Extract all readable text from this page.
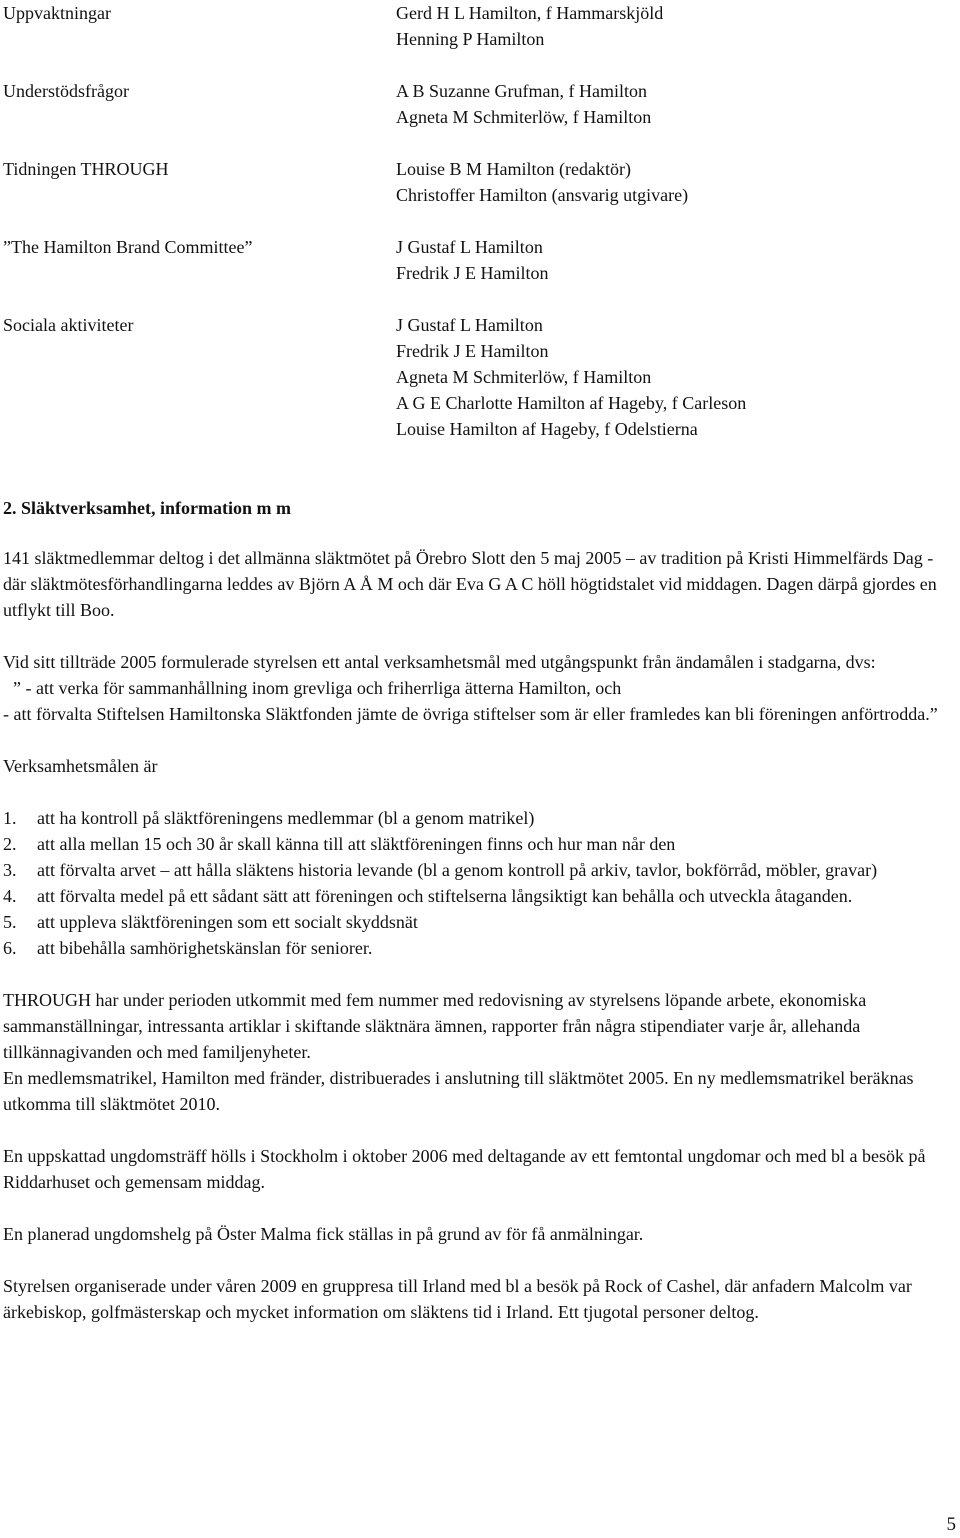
Uppvaktningar	Gerd H L Hamilton, f Hammarskjöld
Henning P Hamilton
Understödsfrågor	A B Suzanne Grufman, f Hamilton
Agneta M Schmiterlöw, f Hamilton
Tidningen THROUGH	Louise B M Hamilton (redaktör)
Christoffer Hamilton (ansvarig utgivare)
”The Hamilton Brand Committee”	J Gustaf L Hamilton
Fredrik J E Hamilton
Sociala aktiviteter	J Gustaf L Hamilton
Fredrik J E Hamilton
Agneta M Schmiterlöw, f Hamilton
A G E Charlotte Hamilton af Hageby, f Carleson
Louise Hamilton af Hageby, f Odelstierna
2. Släktverksamhet, information m m

141 släktmedlemmar deltog i det allmänna släktmötet på Örebro Slott den 5 maj 2005 – av tradition på Kristi Himmelfärds Dag - där släktmötesförhandlingarna leddes av Björn A Å M och där Eva G A C höll högtidstalet vid middagen. Dagen därpå gjordes en utflykt till Boo.

Vid sitt tillträde 2005 formulerade styrelsen ett antal verksamhetsmål med utgångspunkt från ändamålen i stadgarna, dvs:
” - att verka för sammanhållning inom grevliga och friherrliga ätterna Hamilton, och
- att förvalta Stiftelsen Hamiltonska Släktfonden jämte de övriga stiftelser som är eller framledes kan bli föreningen anförtrodda.”

Verksamhetsmålen är

1.	att ha kontroll på släktföreningens medlemmar (bl a genom matrikel)
2.	att alla mellan 15 och 30 år skall känna till att släktföreningen finns och hur man når den
3.	att förvalta arvet – att hålla släktens historia levande (bl a genom kontroll på arkiv, tavlor, bokförråd, möbler, gravar)
4.	att förvalta medel på ett sådant sätt att föreningen och stiftelserna långsiktigt kan behålla och utveckla åtaganden.
5.	att uppleva släktföreningen som ett socialt skyddsnät
6.	att bibehålla samhörighetskänslan för seniorer.

THROUGH har under perioden utkommit med fem nummer med redovisning av styrelsens löpande arbete, ekonomiska sammanställningar, intressanta artiklar i skiftande släktnära ämnen, rapporter från några stipendiater varje år, allehanda tillkännagivanden och med familjenyheter.

En medlemsmatrikel, Hamilton med fränder, distribuerades i anslutning till släktmötet 2005. En ny medlemsmatrikel beräknas utkomma till släktmötet 2010.

En uppskattad ungdomsträff hölls i Stockholm i oktober 2006 med deltagande av ett femtontal ungdomar och med bl a besök på Riddarhuset och gemensam middag.

En planerad ungdomshelg på Öster Malma fick ställas in på grund av för få anmälningar.

Styrelsen organiserade under våren 2009 en gruppresa till Irland med bl a besök på Rock of Cashel, där anfadern Malcolm var ärkebiskop, golfmästerskap och mycket information om släktens tid i Irland. Ett tjugotal personer deltog.

5
